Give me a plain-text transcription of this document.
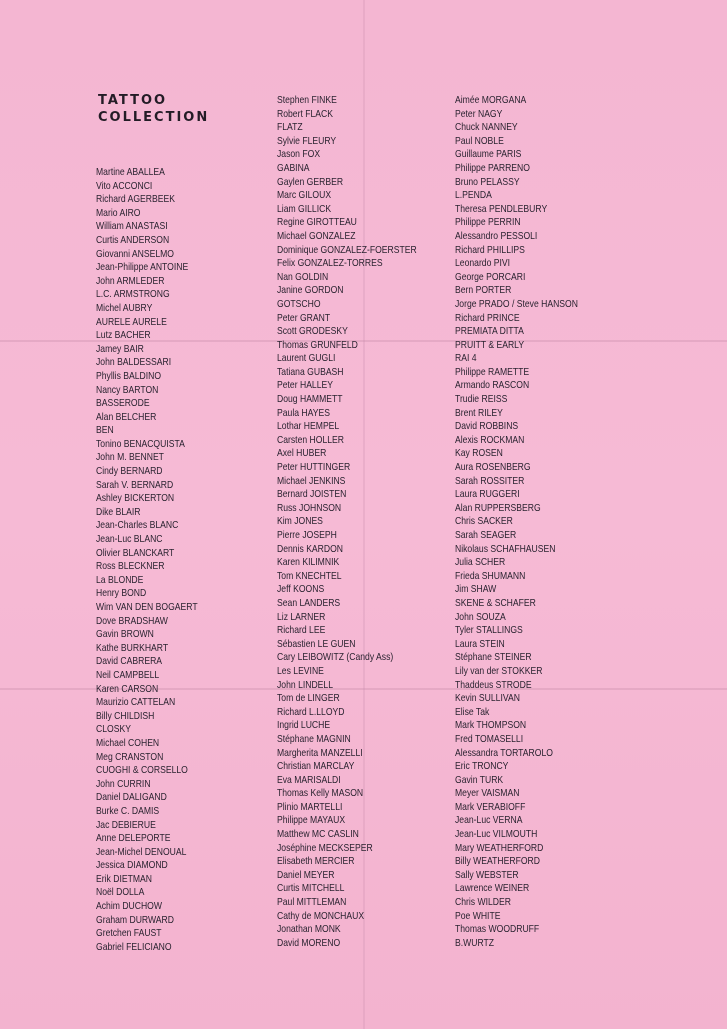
TATTOO
COLLECTION
Martine ABALLEA
Vito ACCONCI
Richard AGERBEEK
Mario AIRO
William ANASTASI
Curtis ANDERSON
Giovanni ANSELMO
Jean-Philippe ANTOINE
John ARMLEDER
L.C. ARMSTRONG
Michel AUBRY
AURELE AURELE
Lutz BACHER
Jamey BAIR
John BALDESSARI
Phyllis BALDINO
Nancy BARTON
BASSERODE
Alan BELCHER
BEN
Tonino BENACQUISTA
John M. BENNET
Cindy BERNARD
Sarah V. BERNARD
Ashley BICKERTON
Dike BLAIR
Jean-Charles BLANC
Jean-Luc BLANC
Olivier BLANCKART
Ross BLECKNER
La BLONDE
Henry BOND
Wim VAN DEN BOGAERT
Dove BRADSHAW
Gavin BROWN
Kathe BURKHART
David CABRERA
Neil CAMPBELL
Karen CARSON
Maurizio CATTELAN
Billy CHILDISH
CLOSKY
Michael COHEN
Meg CRANSTON
CUOGHI & CORSELLO
John CURRIN
Daniel DALIGAND
Burke C. DAMIS
Jac DEBIERUE
Anne DELEPORTE
Jean-Michel DENOUAL
Jessica DIAMOND
Erik DIETMAN
Noël DOLLA
Achim DUCHOW
Graham DURWARD
Gretchen FAUST
Gabriel FELICIANO
Stephen FINKE
Robert FLACK
FLATZ
Sylvie FLEURY
Jason FOX
GABINA
Gaylen GERBER
Marc GILOUX
Liam GILLICK
Regine GIROTTEAU
Michael GONZALEZ
Dominique GONZALEZ-FOERSTER
Felix GONZALEZ-TORRES
Nan GOLDIN
Janine GORDON
GOTSCHO
Peter GRANT
Scott GRODESKY
Thomas GRUNFELD
Laurent GUGLI
Tatiana GUBASH
Peter HALLEY
Doug HAMMETT
Paula HAYES
Lothar HEMPEL
Carsten HOLLER
Axel HUBER
Peter HUTTINGER
Michael JENKINS
Bernard JOISTEN
Russ JOHNSON
Kim JONES
Pierre JOSEPH
Dennis KARDON
Karen KILIMNIK
Tom KNECHTEL
Jeff KOONS
Sean LANDERS
Liz LARNER
Richard LEE
Sébastien LE GUEN
Cary LEIBOWITZ (Candy Ass)
Les LEVINE
John LINDELL
Tom de LINGER
Richard L.LLOYD
Ingrid LUCHE
Stéphane MAGNIN
Margherita MANZELLI
Christian MARCLAY
Eva MARISALDI
Thomas Kelly MASON
Plinio MARTELLI
Philippe MAYAUX
Matthew MC CASLIN
Joséphine MECKSEPER
Elisabeth MERCIER
Daniel MEYER
Curtis MITCHELL
Paul MITTLEMAN
Cathy de MONCHAUX
Jonathan MONK
David MORENO
Aimée MORGANA
Peter NAGY
Chuck NANNEY
Paul NOBLE
Guillaume PARIS
Philippe PARRENO
Bruno PELASSY
L.PENDA
Theresa PENDLEBURY
Philippe PERRIN
Alessandro PESSOLI
Richard PHILLIPS
Leonardo PIVI
George PORCARI
Bern PORTER
Jorge PRADO / Steve HANSON
Richard PRINCE
PREMIATA DITTA
PRUITT & EARLY
RAI 4
Philippe RAMETTE
Armando RASCON
Trudie REISS
Brent RILEY
David ROBBINS
Alexis ROCKMAN
Kay ROSEN
Aura ROSENBERG
Sarah ROSSITER
Laura RUGGERI
Alan RUPPERSBERG
Chris SACKER
Sarah SEAGER
Nikolaus SCHAFHAUSEN
Julia SCHER
Frieda SHUMANN
Jim SHAW
SKENE & SCHAFER
John SOUZA
Tyler STALLINGS
Laura STEIN
Stéphane STEINER
Lily van der STOKKER
Thaddeus STRODE
Kevin SULLIVAN
Elise Tak
Mark THOMPSON
Fred TOMASELLI
Alessandra TORTAROLO
Eric TRONCY
Gavin TURK
Meyer VAISMAN
Mark VERABIOFF
Jean-Luc VERNA
Jean-Luc VILMOUTH
Mary WEATHERFORD
Billy WEATHERFORD
Sally WEBSTER
Lawrence WEINER
Chris WILDER
Poe WHITE
Thomas WOODRUFF
B.WURTZ
